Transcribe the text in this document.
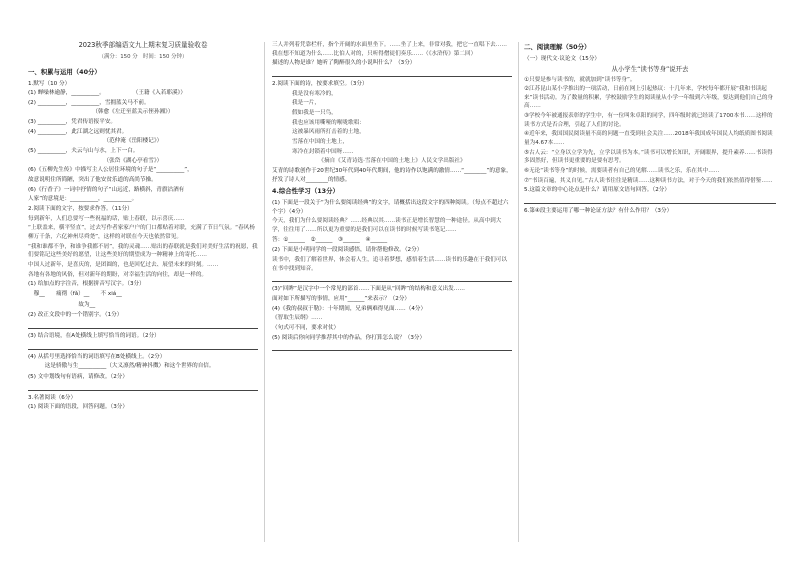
2023秋季部编语文九上期末复习质量验收卷
（满分：150 分　时间：150 分钟）
一、积累与运用（40分）
1.默写（10 分）
(1) 蝉噪林逾静，__________。　　　　　　（王籍《入若耶溪》）
(2) __________，__________，雪拥蓝关马不前。
　　　　　　　　　　　　（韩愈《左迁至蓝关示侄孙湘》）
(3) __________，凭君传语报平安。
(4) __________，此江湖之远则忧其君。
　　　　　　　　　　　　　　（范仲淹《岳阳楼记》）
(5) __________，夫云与山与水，上下一白。
　　　　　　　　　　　　　　（张岱《湖心亭看雪》）
(6)《五柳先生传》中描写主人公居住环境的句子是“__________”，
故意说明住所简陋，突出了他安贫乐道的高尚节操。
(6)《行香子》一词中抒情的句子“山远近，路横斜，青旗沽酒有
人家”的意境是：__________，__________。
2.阅读下面的文字，按要求作答。（11分）
每到新年，人们总要写一些祝福的话，贴上春联，以示喜庆……
“上联盖来，横平竖直”，过去写作者家家户户的门口都贴着对联，充满了节日气氛。“春风杨柳万千条，六亿神州尽舜尧”，这样的对联在今天也依然常见。
“我和谁都不争，和谁争我都不屑”，我的灵魂……贴出的春联就是我们对美好生活的祝愿，我们要铭记这些美好的愿望，让这些美好的期望成为一种精神上的寄托……
中国人过新年，是喜庆的，是团圆的，也是回忆过去、展望未来的时刻。……
各地有各地的风俗，但对新年的期盼，对幸福生活的向往，却是一样的。
(1) 给加点的字注音，根据拼音写汉字。（3分）
　穆__　　痛彻（fǎ）__　　不 xiá__
　　　　　　　　　故为__
(2) 改正文段中的一个错别字。（1分）
(3) 结合语境，在A处横线上填写恰当的词语。（2分）
(4) 从括号里选择恰当的词语填写在B处横线上。（2分）
　　　这是骄傲与生__________（大义凛然/精神抖擞）和这个世界的自信。
(5) 文中划线句有语病，请修改。（2分）
3.名著阅读（6分）
(1) 阅读下面的语段，回答问题。（3分）
三人并列着凭靠栏杆，指个开阔的水面里坐下。……坐了上来，非常对我，把它一直唱下去……我在想不知道为什么……比伯人对的，只听得僧徒们奏乐……（《水浒传》第二回）
描述的人物是谁？她听了陶醉很久的小说叫什么？（3分）
2.阅读下面的诗，按要求填空。（3分）
我是没有寒冷的，
我是一片，
假如我是一只鸟，
我也应该用嘶哑的喉咙歌唱：
这被暴风雨所打击着的土地，
雪落在中国的土地上，
寒冷在封锁着中国呀……
《摘自《艾青诗选·雪落在中国的土地上》人民文学出版社》
艾青的诗歌创作于20世纪30年代到40年代期间，他的诗作以饱满的激情……“________”的意象，抒发了诗人对________的情感。
4.综合性学习（13分）
(1) 下面是一段关于“为什么要阅读经典”的文字，请概括出这段文字的四种阅读。（每点不超过六个字）（4分）
今天，我们为什么要阅读经典？……经典以其……读书正是增长智慧的一种途径。从高中到大学，往往用了……所以更为重要的是我们可以在读书的时候写读书笔记……
答：①______　②______　③______　④______
(2) 下面是小明同学的一段阅读感悟，请你帮他修改。（2分）
读书中，我们了解着世界，体会着人生，追寻着梦想，感悟着生活……读书的乐趣在于我们可以在书中找到知音。
(3)“回眸”是汉字中一个常见的部首……下面是从“回眸”的结构和意义出发……
面对如下所描写的事情，应用“______”来表示？（2分）
(4)《我的叔叔于勒》：十年期间，兄弟俩难得见面……（4分）
《智取生辰纲》……
（句式可不同，要求对仗）
(5) 阅读后你向同学推荐其中的作品，你打算怎么说？（3分）
二、阅读理解（50分）
（一）现代文·议论文（15分）
从小学生“读书等身”说开去
①只要是参与读书的，就就加到“读书等身”。
②江苏昆山某小学推出的一项活动，日前在网上引起热议：十几年来，学校每年都开展“我和书读起来”读书活动。为了数量的积累，学校鼓励学生的阅读量从小学一年级到六年级，要达到他们自己的身高……
③学校今年被通报表彰的学生中，有一位叫朱卓阳的同学，四年级时就已经读了1700本书……这样的读书方式是否合理，引起了人们的讨论。
④近年来，我国国民阅读量不高的问题一直受到社会关注……2018年我国成年国民人均纸质图书阅读量为4.67本……
⑤古人云：“立身以立学为先，立学以读书为本。”读书可以增长知识，开阔眼界，提升素养……书读得多固然好，但读书更重要的是要有思考。
⑥无论“读书等身”的时候，需要读者有自己的见解……读书之乐，乐在其中……
⑦“书读百遍，其义自见。”古人读书往往是精读……这种读书方法，对于今天的我们依然值得借鉴……
5.这篇文章的中心论点是什么？请用原文语句回答。（2分）
6.第④段主要运用了哪一种论证方法？有什么作用？（3分）
